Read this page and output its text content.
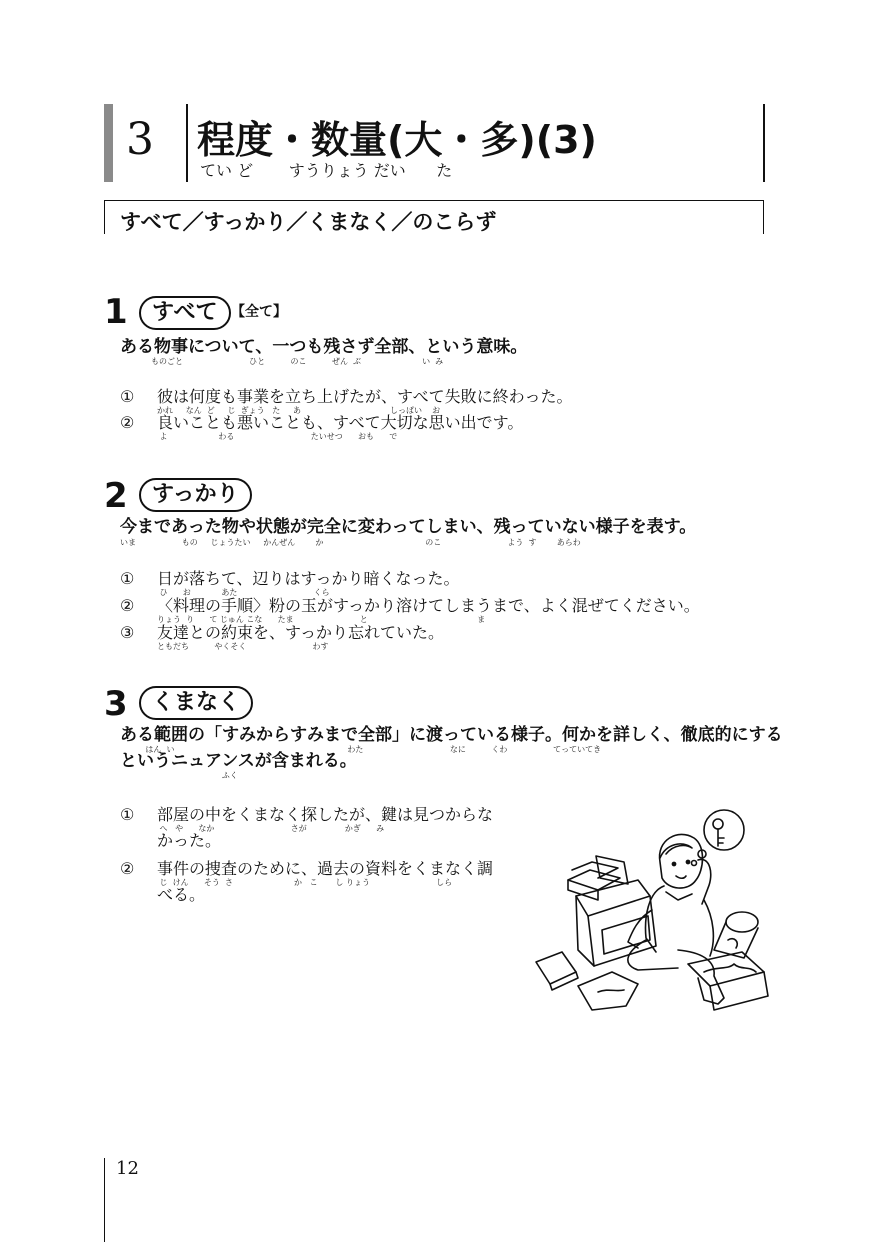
3 程度・数量(大・多)(3)
てい ど       すうりょう だい      た
すべて／すっかり／くまなく／のこらず
1	すべて 【全て】
ある物事について、一つも残さず全部、という意味。
ものごと                          ひと          のこ          ぜん  ぶ                        い  み
① 彼は何度も事業を立ち上げたが、すべて失敗に終わった。
かれ     なん  ど     じ  ぎょう   た     あ                                   しっぱい    お
② 良いことも悪いことも、すべて大切な思い出です。
よ                    わる                              たいせつ      おも      で
2	すっかり
今まであった物や状態が完全に変わってしまい、残っていない様子を表す。
いま                  もの     じょうたい     かんぜん        か                                        のこ                          よう  す        あらわ
① 日が落ちて、辺りはすっかり暗くなった。
ひ      お            あた                              くら
② 〈料理の手順〉粉の玉がすっかり溶けてしまうまで、よく混ぜてください。
りょう  り      て じゅん こな      たま                          と                                           ま
③ 友達との約束を、すっかり忘れていた。
ともだち          やくそく                          わす
3	くまなく
ある範囲の「すみからすみまで全部」に渡っている様子。何かを詳しく、徹底的にする
はん  い                                                                    わた                                  なに          くわ                  てっていてき
というニュアンスが含まれる。
ふく
① 部屋の中をくまなく探したが、鍵は見つからな
へ   や      なか                              さが               かぎ      み
かった。
② 事件の捜査のために、過去の資料をくまなく調
じ  けん      そう  さ                        か   こ       し りょう                          しら
べる。
12
